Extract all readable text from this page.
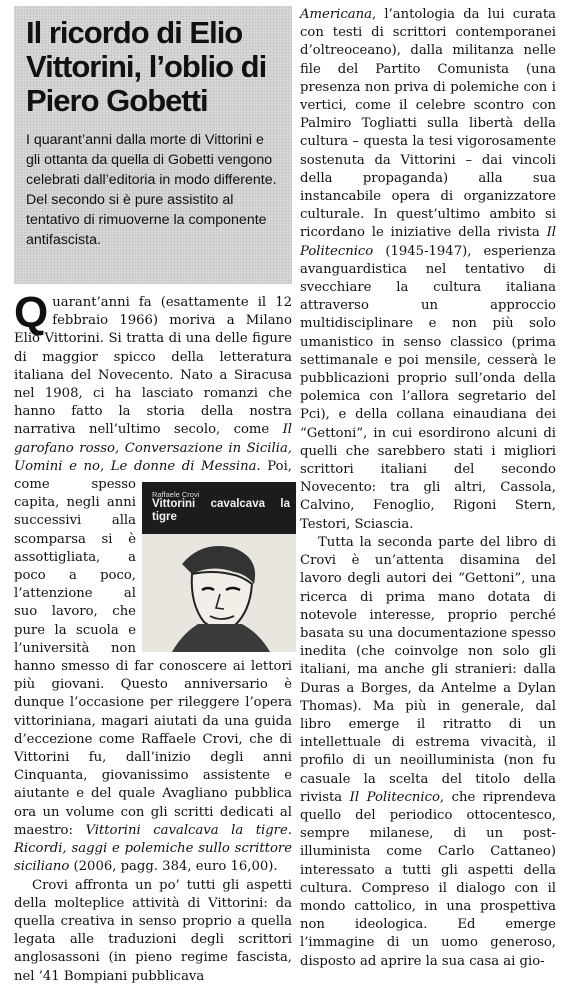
Il ricordo di Elio Vittorini, l’oblio di Piero Gobetti

I quarant’anni dalla morte di Vittorini e gli ottanta da quella di Gobetti vengono celebrati dall’editoria in modo differente. Del secondo si è pure assistito al tentativo di rimuoverne la componente antifascista.

Quarant’anni fa (esattamente il 12 febbraio 1966) moriva a Milano Elio Vittorini. Si tratta di una delle figure di maggior spicco della letteratura italiana del Novecento. Nato a Siracusa nel 1908, ci ha lasciato romanzi che hanno fatto la storia della nostra narrativa nell’ultimo secolo, come Il garofano rosso, Conversazione in Sicilia, Uomini e no, Le donne di Messina
Raffaele Crovi
Vittorini cavalcava la tigre
. Poi, come spesso capita, negli anni successivi alla scomparsa si è assottigliata, a poco a poco, l’attenzione al suo lavoro, che pure la scuola e l’università non hanno smesso di far conoscere ai lettori più giovani. Questo anniversario è dunque l’occasione per rileggere l’opera vittoriniana, magari aiutati da una guida d’eccezione come Raffaele Crovi, che di Vittorini fu, dall’inizio degli anni Cinquanta, giovanissimo assistente e aiutante e del quale Avagliano pubblica ora un volume con gli scritti dedicati al maestro: Vittorini cavalcava la tigre. Ricordi, saggi e polemiche sullo scrittore siciliano (2006, pagg. 384, euro 16,00).

Crovi affronta un po’ tutti gli aspetti della molteplice attività di Vittorini: da quella creativa in senso proprio a quella legata alle traduzioni degli scrittori anglosassoni (in pieno regime fascista, nel ’41 Bompiani pubblicava

Americana, l’antologia da lui curata con testi di scrittori contemporanei d’oltreoceano), dalla militanza nelle file del Partito Comunista (una presenza non priva di polemiche con i vertici, come il celebre scontro con Palmiro Togliatti sulla libertà della cultura – questa la tesi vigorosamente sostenuta da Vittorini – dai vincoli della propaganda) alla sua instancabile opera di organizzatore culturale. In quest’ultimo ambito si ricordano le iniziative della rivista Il Politecnico (1945-1947), esperienza avanguardistica nel tentativo di svecchiare la cultura italiana attraverso un approccio multidisciplinare e non più solo umanistico in senso classico (prima settimanale e poi mensile, cesserà le pubblicazioni proprio sull’onda della polemica con l’allora segretario del Pci), e della collana einaudiana dei “Gettoni”, in cui esordirono alcuni di quelli che sarebbero stati i migliori scrittori italiani del secondo Novecento: tra gli altri, Cassola, Calvino, Fenoglio, Rigoni Stern, Testori, Sciascia.

Tutta la seconda parte del libro di Crovi è un’attenta disamina del lavoro degli autori dei “Gettoni”, una ricerca di prima mano dotata di notevole interesse, proprio perché basata su una documentazione spesso inedita (che coinvolge non solo gli italiani, ma anche gli stranieri: dalla Duras a Borges, da Antelme a Dylan Thomas). Ma più in generale, dal libro emerge il ritratto di un intellettuale di estrema vivacità, il profilo di un neoilluminista (non fu casuale la scelta del titolo della rivista Il Politecnico, che riprendeva quello del periodico ottocentesco, sempre milanese, di un post-illuminista come Carlo Cattaneo) interessato a tutti gli aspetti della cultura. Compreso il dialogo con il mondo cattolico, in una prospettiva non ideologica. Ed emerge l’immagine di un uomo generoso, disposto ad aprire la sua casa ai gio-
